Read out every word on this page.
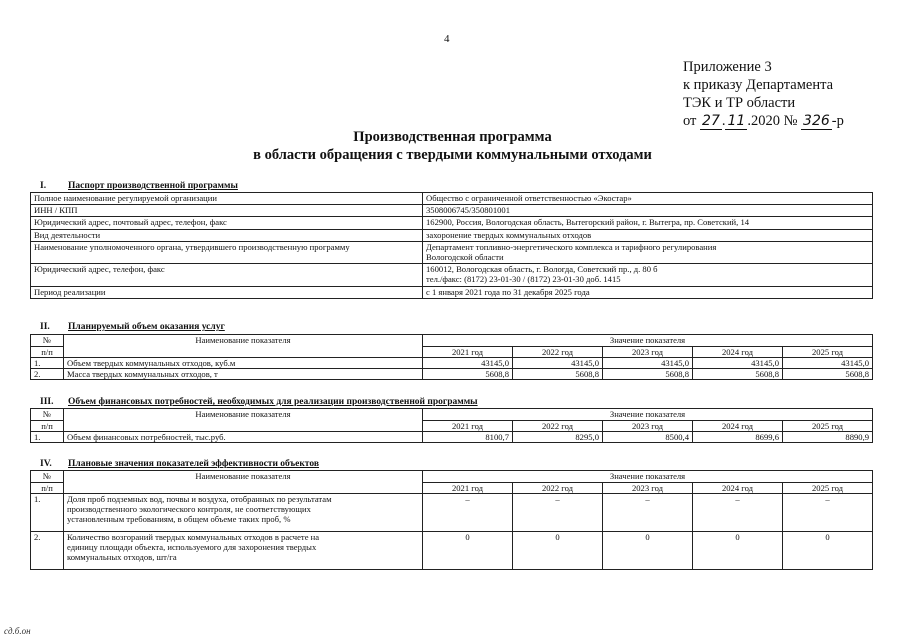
4
Приложение 3
к приказу Департамента
ТЭК и ТР области
от 27 . 11 .2020 № 326 -р
Производственная программа
в области обращения с твердыми коммунальными отходами
I. Паспорт производственной программы
Полное наименование регулируемой организации	Общество с ограниченной ответственностью «Экостар»
ИНН / КПП	3508006745/350801001
Юридический адрес, почтовый адрес, телефон, факс	162900, Россия, Вологодская область, Вытегорский район, г. Вытегра, пр. Советский, 14
Вид деятельности	захоронение твердых коммунальных отходов
Наименование уполномоченного органа, утвердившего производственную программу	Департамент топливно-энергетического комплекса и тарифного регулирования
Вологодской области

Юридический адрес, телефон, факс	160012, Вологодская область, г. Вологда, Советский пр., д. 80 б
тел./факс: (8172) 23-01-30 / (8172) 23-01-30 доб. 1415

Период реализации	с 1 января 2021 года по 31 декабря 2025 года
II. Планируемый объем оказания услуг
№	Наименование показателя	Значение показателя				
п/п		2021 год	2022 год	2023 год	2024 год	2025 год
1.	Объем твердых коммунальных отходов, куб.м	43145,0	43145,0	43145,0	43145,0	43145,0
2.	Масса твердых коммунальных отходов, т	5608,8	5608,8	5608,8	5608,8	5608,8
III. Объем финансовых потребностей, необходимых для реализации производственной программы
№	Наименование показателя	Значение показателя				
п/п		2021 год	2022 год	2023 год	2024 год	2025 год
1.	Объем финансовых потребностей, тыс.руб.	8100,7	8295,0	8500,4	8699,6	8890,9
IV. Плановые значения показателей эффективности объектов
№	Наименование показателя	Значение показателя				
п/п		2021 год	2022 год	2023 год	2024 год	2025 год
1.	Доля проб подземных вод, почвы и воздуха, отобранных по результатам
производственного экологического контроля, не соответствующих
установленным требованиям, в общем объеме таких проб, %	–	–	–	–	–
2.	Количество возгораний твердых коммунальных отходов в расчете на
единицу площади объекта, используемого для захоронения твердых
коммунальных отходов, шт/га	0	0	0	0	0
сд.б.он
